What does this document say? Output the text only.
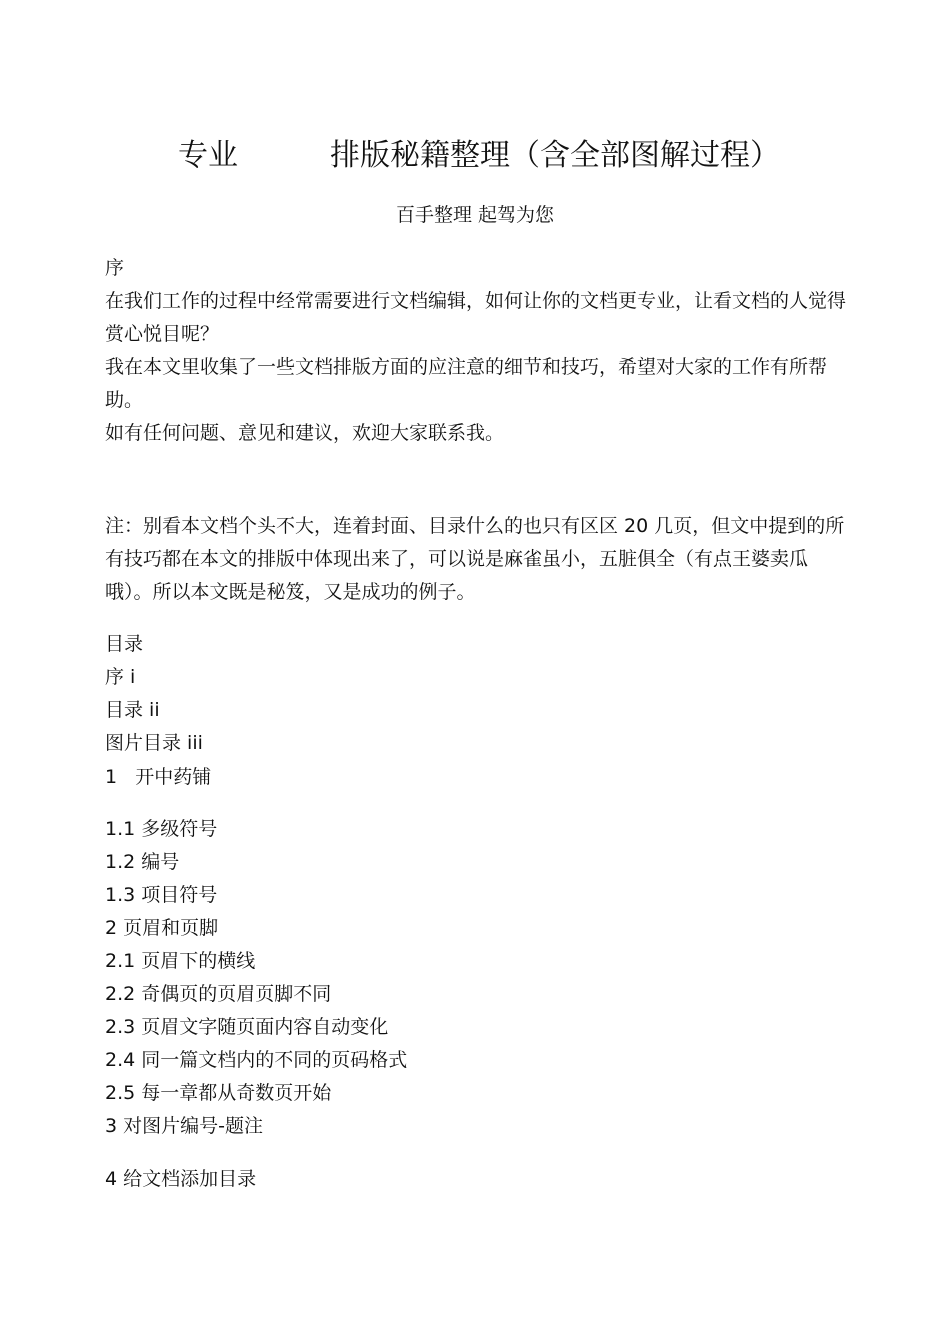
专业	排版秘籍整理（含全部图解过程）
百手整理 起驾为您

序

在我们工作的过程中经常需要进行文档编辑，如何让你的文档更专业，让看文档的人觉得赏心悦目呢？

我在本文里收集了一些文档排版方面的应注意的细节和技巧，希望对大家的工作有所帮助。

如有任何问题、意见和建议，欢迎大家联系我。

注：别看本文档个头不大，连着封面、目录什么的也只有区区 20 几页，但文中提到的所有技巧都在本文的排版中体现出来了，可以说是麻雀虽小，五脏俱全（有点王婆卖瓜哦）。所以本文既是秘笈，又是成功的例子。

目录
序 i
目录 ii
图片目录 iii
1   开中药铺
1.1 多级符号
1.2 编号
1.3 项目符号
2 页眉和页脚
2.1 页眉下的横线
2.2 奇偶页的页眉页脚不同
2.3 页眉文字随页面内容自动变化
2.4 同一篇文档内的不同的页码格式
2.5 每一章都从奇数页开始
3 对图片编号-题注
4 给文档添加目录
